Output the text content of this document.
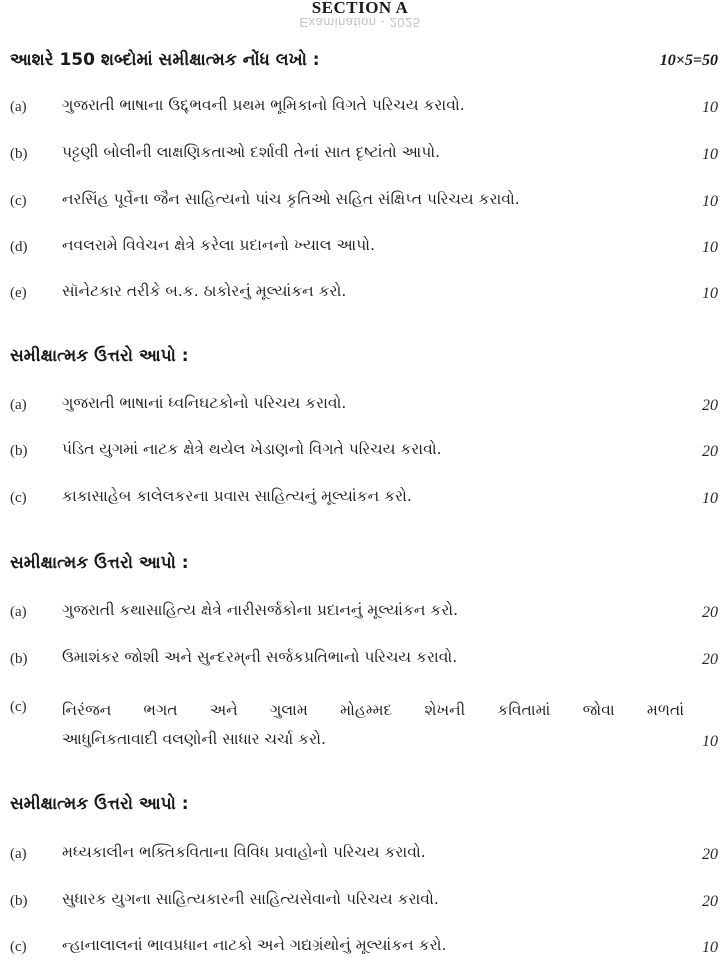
SECTION A
Examination - 2025
આશરે 150 શબ્દોમાં સમીક્ષાત્મક નોંધ લખો :	10×5=50
(a)	ગુજરાતી ભાષાના ઉદ્દ્ભવની પ્રથમ ભૂમિકાનો વિગતે પરિચય કરાવો.	10
(b)	પટ્ટણી બોલીની લાક્ષણિકતાઓ દર્શાવી તેનાં સાત દૃષ્ટાંતો આપો.	10
(c)	નરસિંહ પૂર્વેના જૈન સાહિત્યનો પાંચ કૃતિઓ સહિત સંક્ષિપ્ત પરિચય કરાવો.	10
(d)	નવલરામે વિવેચન ક્ષેત્રે કરેલા પ્રદાનનો ખ્યાલ આપો.	10
(e)	સૉનેટકાર તરીકે બ.ક. ઠાકોરનું મૂલ્યાંકન કરો.	10
સમીક્ષાત્મક ઉત્તરો આપો :
(a)	ગુજરાતી ભાષાનાં ધ્વનિઘટકોનો પરિચય કરાવો.	20
(b)	પંડિત યુગમાં નાટક ક્ષેત્રે થયેલ ખેડાણનો વિગતે પરિચય કરાવો.	20
(c)	કાકાસાહેબ કાલેલકરના પ્રવાસ સાહિત્યનું મૂલ્યાંકન કરો.	10
સમીક્ષાત્મક ઉત્તરો આપો :
(a)	ગુજરાતી કથાસાહિત્ય ક્ષેત્રે નારીસર્જકોના પ્રદાનનું મૂલ્યાંકન કરો.	20
(b)	ઉમાશંકર જોશી અને સુન્દરમ્‌ની સર્જકપ્રતિભાનો પરિચય કરાવો.	20
(c)	નિરંજન ભગત અને ગુલામ મોહમ્મદ શેખની કવિતામાં જોવા મળતાં
આધુનિકતાવાદી વલણોની સાધાર ચર્ચા કરો.	10
સમીક્ષાત્મક ઉત્તરો આપો :
(a)	મધ્યકાલીન ભક્તિકવિતાના વિવિધ પ્રવાહોનો પરિચય કરાવો.	20
(b)	સુધારક યુગના સાહિત્યકારની સાહિત્યસેવાનો પરિચય કરાવો.	20
(c)	ન્હાનાલાલનાં ભાવપ્રધાન નાટકો અને ગદ્યગ્રંથોનું મૂલ્યાંકન કરો.	10
